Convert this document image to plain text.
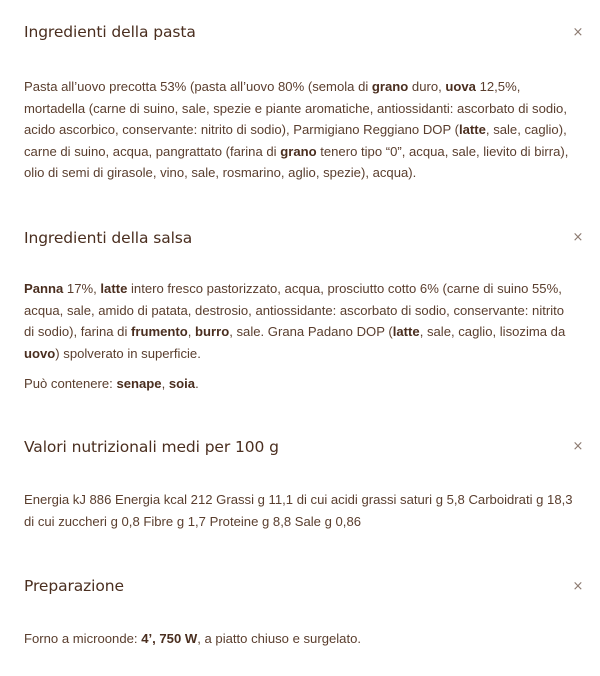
Ingredienti della pasta	×

Pasta all’uovo precotta 53% (pasta all’uovo 80% (semola di grano duro, uova 12,5%, mortadella (carne di suino, sale, spezie e piante aromatiche, antiossidanti: ascorbato di sodio, acido ascorbico, conservante: nitrito di sodio), Parmigiano Reggiano DOP (latte, sale, caglio), carne di suino, acqua, pangrattato (farina di grano tenero tipo “0”, acqua, sale, lievito di birra), olio di semi di girasole, vino, sale, rosmarino, aglio, spezie), acqua).

Ingredienti della salsa	×

Panna 17%, latte intero fresco pastorizzato, acqua, prosciutto cotto 6% (carne di suino 55%, acqua, sale, amido di patata, destrosio, antiossidante: ascorbato di sodio, conservante: nitrito di sodio), farina di frumento, burro, sale. Grana Padano DOP (latte, sale, caglio, lisozima da uovo) spolverato in superficie.

Può contenere: senape, soia.

Valori nutrizionali medi per 100 g	×

Energia kJ 886 Energia kcal 212 Grassi g 11,1 di cui acidi grassi saturi g 5,8 Carboidrati g 18,3 di cui zuccheri g 0,8 Fibre g 1,7 Proteine g 8,8 Sale g 0,86

Preparazione	×

Forno a microonde: 4’, 750 W, a piatto chiuso e surgelato.
